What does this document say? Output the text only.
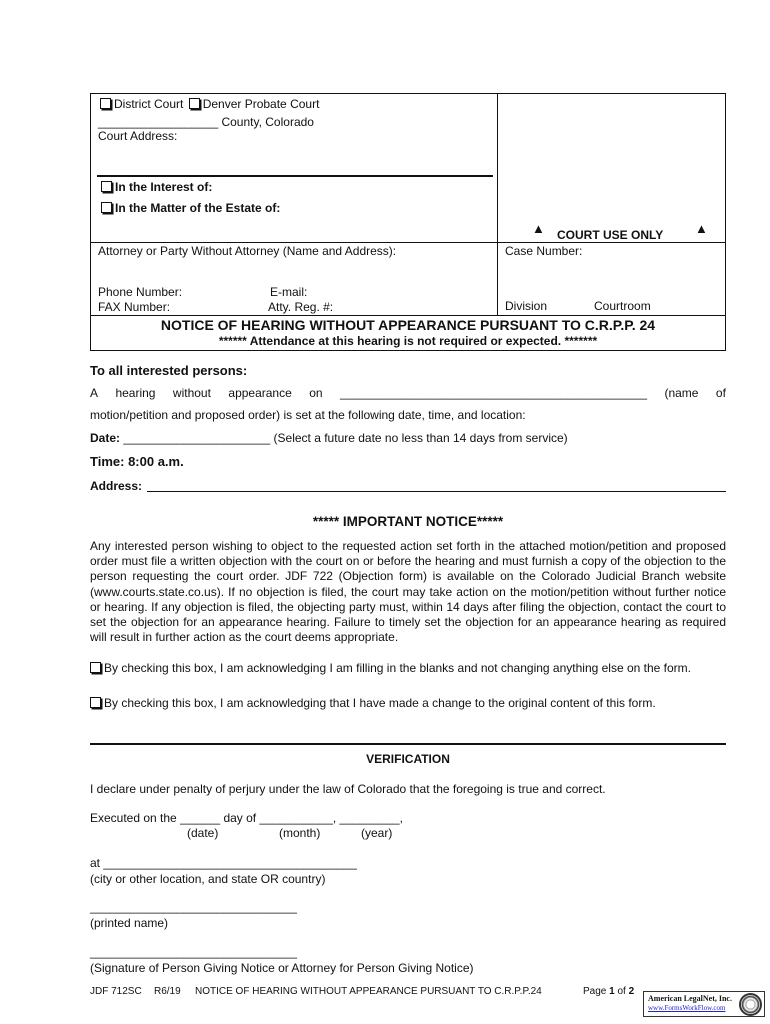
District Court Denver Probate Court
__________________ County, Colorado
Court Address:
In the Interest of:
In the Matter of the Estate of:
▲ COURT USE ONLY ▲
Attorney or Party Without Attorney (Name and Address):	Case Number:
Phone Number:	E-mail:
FAX Number:	Atty. Reg. #:	Division	Courtroom
NOTICE OF HEARING WITHOUT APPEARANCE PURSUANT TO C.R.P.P. 24
****** Attendance at this hearing is not required or expected. *******
To all interested persons:
A hearing without appearance on ______________________________________________ (name of
motion/petition and proposed order) is set at the following date, time, and location:
Date: ______________________ (Select a future date no less than 14 days from service)
Time: 8:00 a.m.
Address:
***** IMPORTANT NOTICE*****
Any interested person wishing to object to the requested action set forth in the attached motion/petition and proposed order must file a written objection with the court on or before the hearing and must furnish a copy of the objection to the person requesting the court order. JDF 722 (Objection form) is available on the Colorado Judicial Branch website (www.courts.state.co.us). If no objection is filed, the court may take action on the motion/petition without further notice or hearing. If any objection is filed, the objecting party must, within 14 days after filing the objection, contact the court to set the objection for an appearance hearing. Failure to timely set the objection for an appearance hearing as required will result in further action as the court deems appropriate.
By checking this box, I am acknowledging I am filling in the blanks and not changing anything else on the form.
By checking this box, I am acknowledging that I have made a change to the original content of this form.
VERIFICATION
I declare under penalty of perjury under the law of Colorado that the foregoing is true and correct.
Executed on the ______ day of ___________, _________,
(date)	(month)	(year)
at ______________________________________
(city or other location, and state OR country)
_______________________________
(printed name)
_______________________________
(Signature of Person Giving Notice or Attorney for Person Giving Notice)
JDF 712SC R6/19 NOTICE OF HEARING WITHOUT APPEARANCE PURSUANT TO C.R.P.P.24	Page 1 of 2
American LegalNet, Inc.
www.FormsWorkFlow.com
